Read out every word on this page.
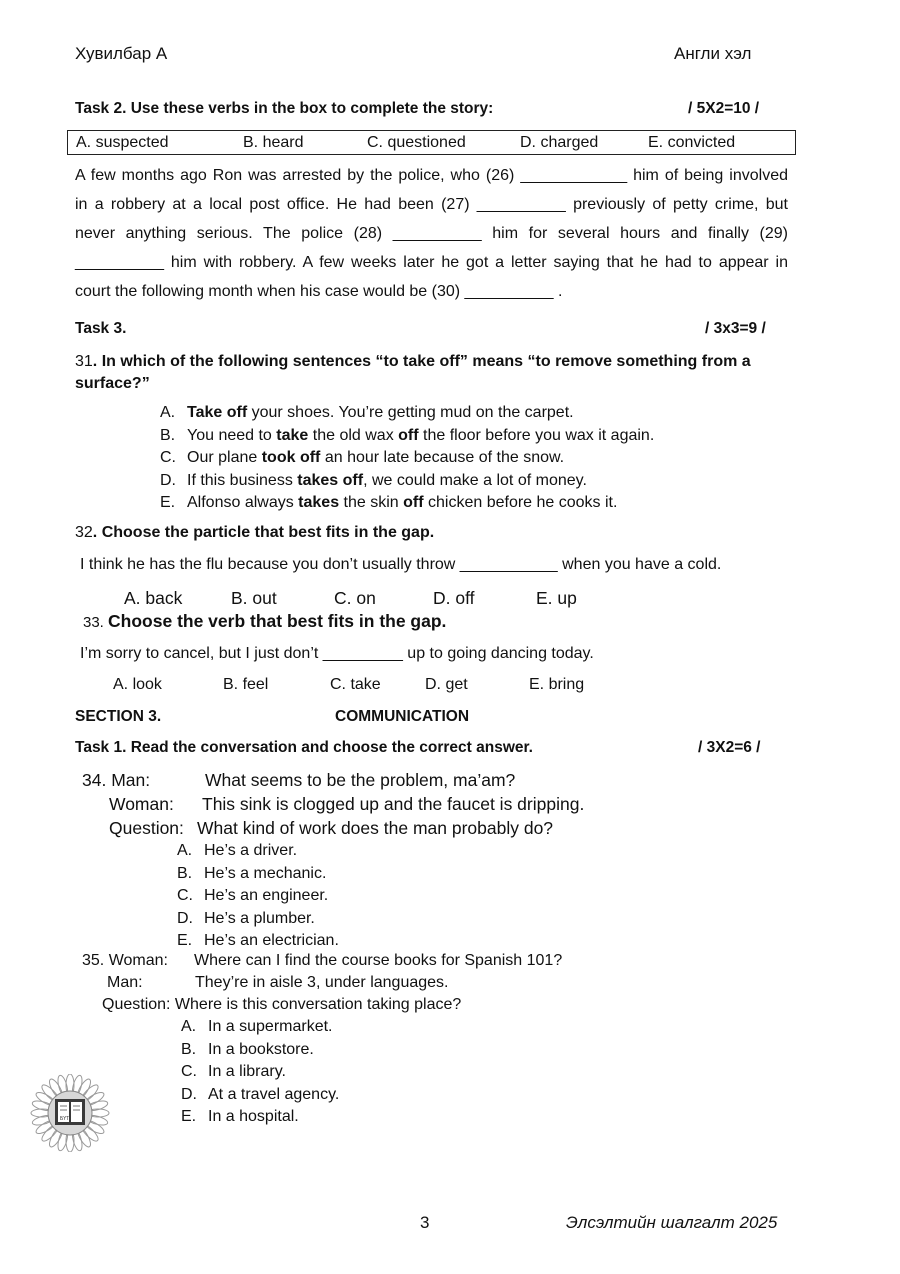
Хувилбар А	Англи хэл
Task 2. Use these verbs in the box to complete the story:	/ 5X2=10 /
A. suspected	B. heard	C. questioned	D. charged	E. convicted
A few months ago Ron was arrested by the police, who (26) ____________ him of being involved
in a robbery at a local post office. He had been (27) __________ previously of petty crime, but
never anything serious. The police (28) __________ him for several hours and finally (29)
__________ him with robbery. A few weeks later he got a letter saying that he had to appear in
court the following month when his case would be (30) __________ .
Task 3.	/ 3x3=9 /
31. In which of the following sentences “to take off” means “to remove something from a
surface?”
A. Take off your shoes. You’re getting mud on the carpet.
B. You need to take the old wax off the floor before you wax it again.
C. Our plane took off an hour late because of the snow.
D. If this business takes off, we could make a lot of money.
E. Alfonso always takes the skin off chicken before he cooks it.
32. Choose the particle that best fits in the gap.
I think he has the flu because you don’t usually throw ___________ when you have a cold.
A. back	B. out	C. on	D. off	E. up
33. Choose the verb that best fits in the gap.
I’m sorry to cancel, but I just don’t _________ up to going dancing today.
A. look	B. feel	C. take	D. get	E. bring
SECTION 3.	COMMUNICATION
Task 1. Read the conversation and choose the correct answer.	/ 3X2=6 /
34. Man:	What seems to be the problem, ma’am?
Woman: This sink is clogged up and the faucet is dripping.
Question: What kind of work does the man probably do?
A. He’s a driver.
B. He’s a mechanic.
C. He’s an engineer.
D. He’s a plumber.
E. He’s an electrician.
35. Woman: Where can I find the course books for Spanish 101?
Man:	They’re in aisle 3, under languages.
Question: Where is this conversation taking place?
A. In a supermarket.
B. In a bookstore.
C. In a library.
D. At a travel agency.
E. In a hospital.
БҮТ
3	Элсэлтийн шалгалт 2025
